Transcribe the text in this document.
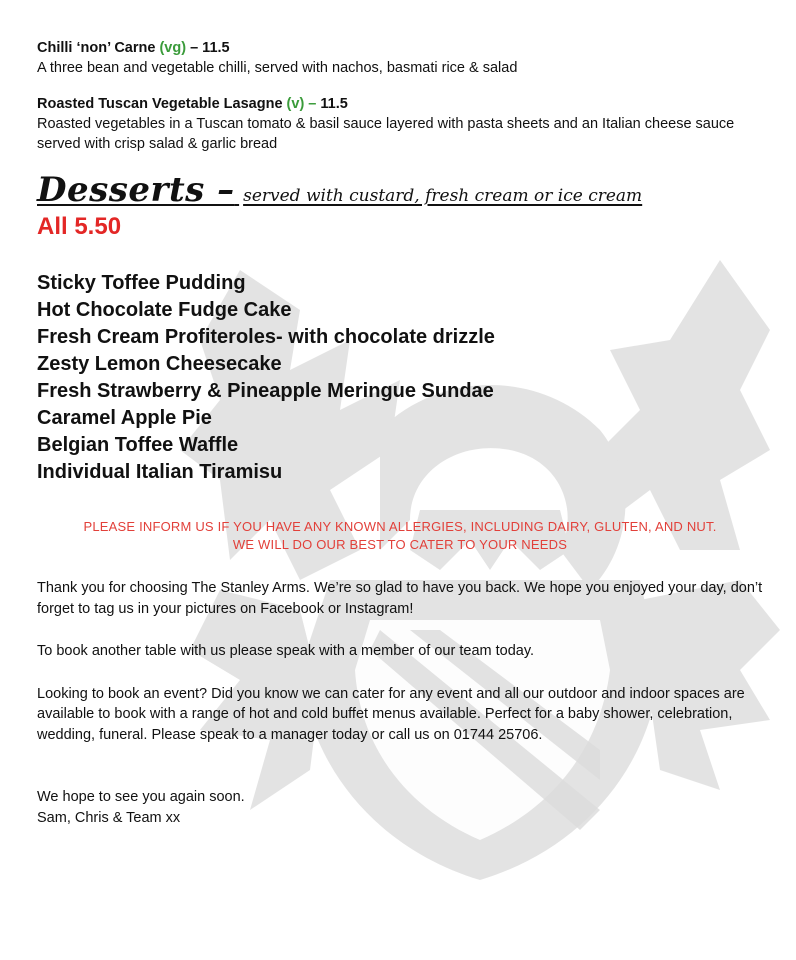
Chilli ‘non’ Carne (vg) – 11.5
A three bean and vegetable chilli, served with nachos, basmati rice & salad
Roasted Tuscan Vegetable Lasagne (v) – 11.5
Roasted vegetables in a Tuscan tomato & basil sauce layered with pasta sheets and an Italian cheese sauce served with crisp salad & garlic bread
Desserts – served with custard, fresh cream or ice cream
All 5.50
Sticky Toffee Pudding
Hot Chocolate Fudge Cake
Fresh Cream Profiteroles- with chocolate drizzle
Zesty Lemon Cheesecake
Fresh Strawberry & Pineapple Meringue Sundae
Caramel Apple Pie
Belgian Toffee Waffle
Individual Italian Tiramisu
PLEASE INFORM US IF YOU HAVE ANY KNOWN ALLERGIES, INCLUDING DAIRY, GLUTEN, AND NUT.
WE WILL DO OUR BEST TO CATER TO YOUR NEEDS
Thank you for choosing The Stanley Arms. We’re so glad to have you back. We hope you enjoyed your day, don’t forget to tag us in your pictures on Facebook or Instagram!
To book another table with us please speak with a member of our team today.
Looking to book an event? Did you know we can cater for any event and all our outdoor and indoor spaces are available to book with a range of hot and cold buffet menus available. Perfect for a baby shower, celebration, wedding, funeral. Please speak to a manager today or call us on 01744 25706.
We hope to see you again soon.
Sam, Chris & Team xx
